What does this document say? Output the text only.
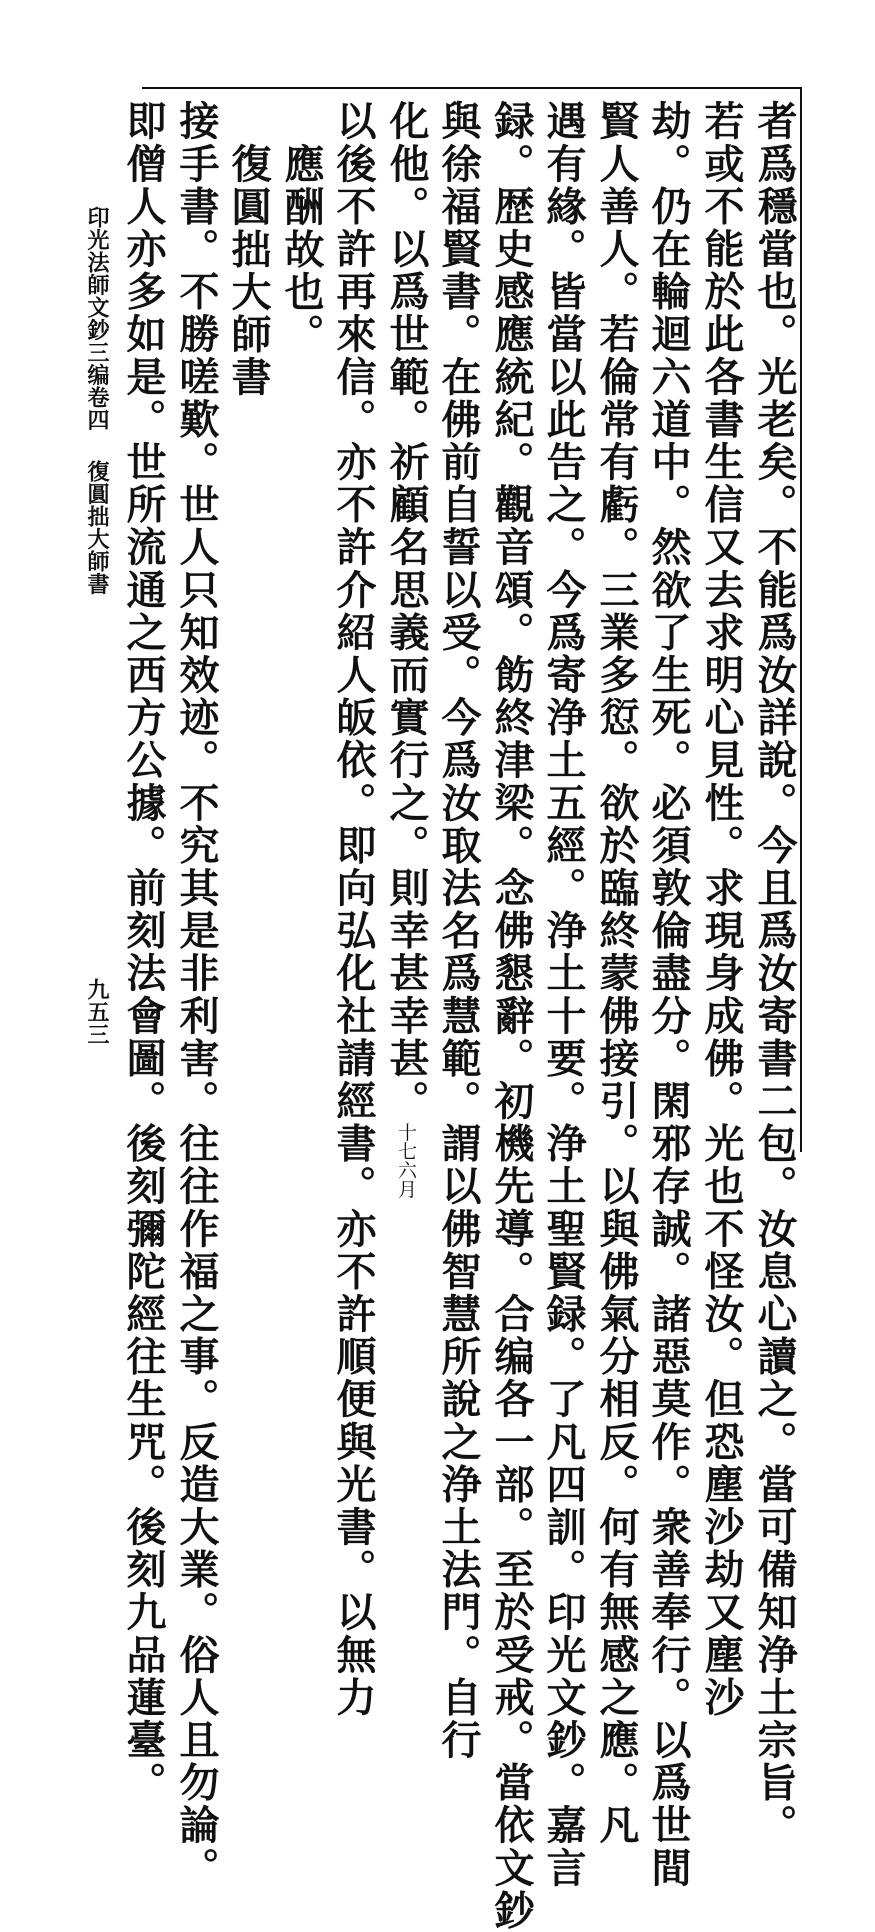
者爲穩當也。光老矣。不能爲汝詳說。今且爲汝寄書二包。汝息心讀之。當可備知浄土宗旨。
若或不能於此各書生信又去求明心見性。求現身成佛。光也不怪汝。但恐塵沙劫又塵沙
劫。仍在輪迴六道中。然欲了生死。必須敦倫盡分。閑邪存誠。諸惡莫作。衆善奉行。以爲世間
賢人善人。若倫常有虧。三業多愆。欲於臨終蒙佛接引。以與佛氣分相反。何有無感之應。凡
遇有緣。皆當以此告之。今爲寄浄土五經。浄土十要。浄土聖賢録。了凡四訓。印光文鈔。嘉言
録。歴史感應統紀。觀音頌。飭終津梁。念佛懇辭。初機先導。合编各一部。至於受戒。當依文鈔
與徐福賢書。在佛前自誓以受。今爲汝取法名爲慧範。謂以佛智慧所說之浄土法門。自行
化他。以爲世範。祈顧名思義而實行之。則幸甚幸甚。十七六月
以後不許再來信。亦不許介紹人皈依。即向弘化社請經書。亦不許順便與光書。以無力
應酬故也。
復圓拙大師書
接手書。不勝嗟歎。世人只知效迹。不究其是非利害。往往作福之事。反造大業。俗人且勿論。
即僧人亦多如是。世所流通之西方公據。前刻法會圖。後刻彌陀經往生咒。後刻九品蓮臺。
印光法師文鈔三编卷四
復圓拙大師書
九五三
